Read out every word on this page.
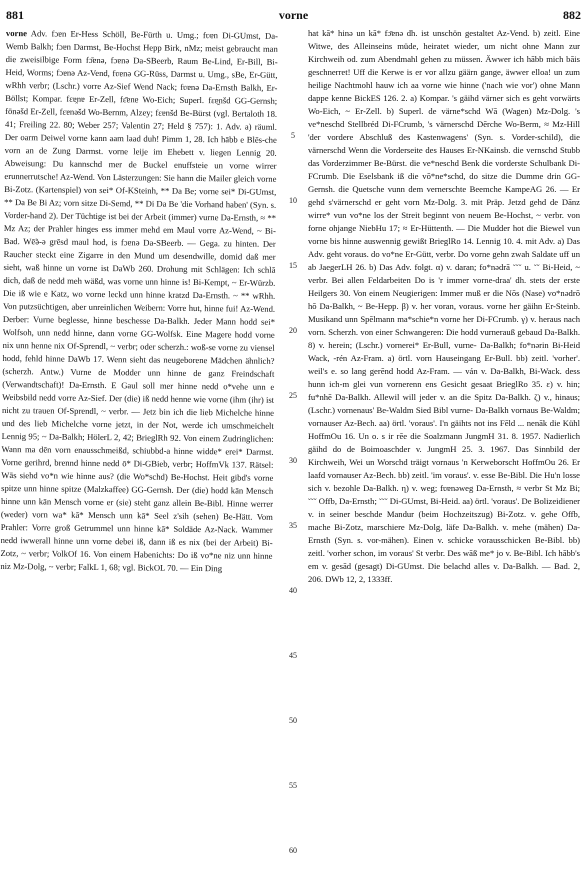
881	vorne	882

vorne Adv. fɔɐn Er-Hess Schöll, Be-Fürth u. Umg.; fʋɐn Di-GUmst, Da-Wemb Balkh; fɔɐn Darmst, Be-Hochst Hepp Birk, nMz; meist gebraucht man die zweisilbige Form fɔ̄ɐnə, fɔɐnə Da-SBeerb, Raum Be-Lind, Er-Bill, Bi-Heid, Worms; fɔɐnə Az-Vend, fʋɐnə GG-Rüss, Darmst u. Umg., sBe, Er-Gütt, wRhh verbr; (Lschr.) vorre Az-Sief Wend Nack; fʋɐnə Da-Ernsth Balkh, Er-Böllst; Kompar. fɛɐ̯nɐ Er-Zell, fɛ̄ɐnɐ Wo-Eich; Superl. fɛɐ̯nšd GG-Gernsh; fōnəšd Er-Zell, fɛɐnəšd Wo-Bernm, Alzey; fɛɐnšd Be-Bürst (vgl. Bertaloth 18. 41; Freiling 22. 80; Weber 257; Valentin 27; Held § 757): 1. Adv. a) räuml. Der oarm Deiwel vorne kann aam laad duh! Pimm 1, 28. Ich hābb e Blēs-che vorn an de Zung Darmst. vorne leije im Ehebett v. liegen Lennig 20. Abweisung: Du kannschd mer de Buckel enuffsteie un vorne wirrer erunnerrutsche! Az-Wend. Von Lästerzungen: Sie hann die Mailer gleich vorne Bi-Zotz. (Kartenspiel) von sei* Of-KSteinh, ** Da Be; vorne sei* Di-GUmst, ** Da Be Bi Az; vorn sitze Di-Semd, ** Di Da Be 'die Vorhand haben' (Syn. s. Vorder-hand 2). Der Tüchtige ist bei der Arbeit (immer) vurne Da-Ernsth, ≈ ** Mz Az; der Prahler hinges ess immer mehd em Maul vorre Az-Wend, ~ Bi-Bad. Wē̃ə-ə grēsd maul hod, is fɔɐnə Da-SBeerb. — Gega. zu hinten. Der Raucher steckt eine Zigarre in den Mund um desendwille, domid daß mer sieht, waß hinne un vorne ist DaWb 260. Drohung mit Schlägen: Ich schlā dich, daß de nedd meh wäßd, was vorne unn hinne is! Bi-Kempt, ~ Er-Würzb. Die iß wie e Katz, wo vorne leckd unn hinne kratzd Da-Ernsth. ~ ** wRhh. Von putzsüchtigen, aber unreinlichen Weibern: Vorre hut, hinne fui! Az-Wend. Derber: Vurne beglesse, hinne beschesse Da-Balkh. Jeder Mann hodd sei* Wolfsoh, unn nedd hinne, dann vorne GG-Wolfsk. Eine Magere hodd vorne nix unn henne nix Of-Sprendl, ~ verbr; oder scherzh.: woß-se vorne zu viensel hodd, fehld hinne DaWb 17. Wenn sieht das neugeborene Mädchen ähnlich? (scherzh. Antw.) Vurne de Modder unn hinne de ganz Freindschaft (Verwandtschaft)! Da-Ernsth. E Gaul soll mer hinne nedd o*vehe unn e Weibsbild nedd vorre Az-Sief. Der (die) iß nedd henne wie vorne (ihm (ihr) ist nicht zu trauen Of-Sprendl, ~ verbr. — Jetz bin ich die lieb Michelche hinne und des lieb Michelche vorne jetzt, in der Not, werde ich umschmeichelt Lennig 95; ~ Da-Balkh; HölerL 2, 42; BrieglRh 92. Von einem Zudringlichen: Wann ma dēn vorn enausschmeißd, schiubbd-a hinne widde* erei* Darmst. Vorne gerihrd, brennd hinne nedd ō* Di-GBieb, verbr; HoffmVk 137. Rätsel: Wās siehd vo*n wie hinne aus? (die Wo*schd) Be-Hochst. Heit gibd's vorne spitze unn hinne spitze (Malzkaffee) GG-Gernsh. Der (die) hodd kān Mensch hinne unn kān Mensch vorne er (sie) steht ganz allein Be-Bibl. Hinne werrer (weder) vorn wa* kā* Mensch unn kā* Seel z'sih (sehen) Be-Hätt. Vom Prahler: Vorre groß Getrummel unn hinne kā* Soldāde Az-Nack. Wammer nedd iwwerall hinne unn vorne debei iß, dann iß es nix (bei der Arbeit) Bi-Zotz, ~ verbr; VolkOf 16. Von einem Habenichts: Do iß vo*ne niz unn hinne niz Mz-Dolg, ~ verbr; FalkL 1, 68; vgl. BickOL 70. — Ein Ding

5
10
15
20
25
30
35
40
45
50
55
60

hat kā* hinə un kā* fɔ̄ɐnə dh. ist unschön gestaltet Az-Vend. b) zeitl. Eine Witwe, des Alleinseins müde, heiratet wieder, um nicht ohne Mann zur Kirchweih od. zum Abendmahl gehen zu müssen. Äwwer ich hābb mich bāis geschnerret! Uff die Kerwe is er vor allzu gäärn gange, äwwer elloa! un zum heilige Nachtmohl hauw ich aa vorne wie hinne ('nach wie vor') ohne Mann dappe kenne BickES 126. 2. a) Kompar. 's gäihd värner sich es geht vorwärts Wo-Eich, ~ Er-Zell. b) Superl. de värne*schd Wā (Wagen) Mz-Dolg. 's ve*neschd Stellbréd Di-FCrumb, 's värnerschd Dērche Wo-Berm, ≈ Mz-Hill 'der vordere Abschluß des Kastenwagens' (Syn. s. Vorder-schild), die värnerschd Wenn die Vorderseite des Hauses Er-NKainsb. die vernschd Stubb das Vorderzimmer Be-Bürst. die ve*neschd Benk die vorderste Schulbank Di-FCrumb. Die Eselsbank iß die vō*ne*schd, do sitze die Dumme drin GG-Gernsh. die Quetsche vunn dem vernerschte Beemche KampeAG 26. — Er gehd s'värnerschd er geht vorn Mz-Dolg. 3. mit Präp. Jetzd gehd de Dānz wirre* vun vo*ne los der Streit beginnt von neuem Be-Hochst, ~ verbr. von forne ohjange NiebHu 17; ≈ Er-Hüttenth. — Die Mudder hot die Biewel vun vorne bis hinne auswennig gewißt BrieglRo 14. Lennig 10. 4. mit Adv. a) Das Adv. geht voraus. do vo*ne Er-Gütt, verbr. Do vorne gehn zwah Saldate uff un ab JaegerLH 26. b) Das Adv. folgt. α) v. daran; fo*nədrā ˘˘˘ u. ˘˘ Bi-Heid, ~ verbr. Bei allen Feldarbeiten Do is 'r immer vorne-draa' dh. stets der erste Heilgers 30. Von einem Neugierigen: Immer muß er die Nōs (Nase) vo*nədrō hō Da-Balkh, ~ Be-Hepp. β) v. her voran, voraus. vorne her gäihn Er-Steinb. Musikand unn Spēlmann ma*schie*n vorne her Di-FCrumb. γ) v. heraus nach vorn. Scherzh. von einer Schwangeren: Die hodd vurnerauß gebaud Da-Balkh. 8) v. herein; (Lschr.) vornerei* Er-Bull, vurne- Da-Balkh; fo*nərin Bi-Heid Wack, -rén Az-Fram. a) örtl. vorn Hauseingang Er-Bull. bb) zeitl. 'vorher'. weil's e. so lang gerēnd hodd Az-Fram. — ván v. Da-Balkh, Bi-Wack. dess hunn ich-m glei vun vornerenn ens Gesicht gesaat BrieglRo 35. ε) v. hin; fu*nhē Da-Balkh. Allewil will jeder v. an die Spitz Da-Balkh. ζ) v., hinaus; (Lschr.) vornenaus' Be-Waldm Sied Bibl vurne- Da-Balkh vornaus Be-Waldm; vornauser Az-Bech. aa) örtl. 'voraus'. I'n gäihts not ins Fēld ... nenāk die Kühl HoffmOu 16. Un o. s ir rēe die Soalzmann JungmH 31. 8. 1957. Nadierlich gäihd do de Boimoaschder v. JungmH 25. 3. 1967. Das Sinnbild der Kirchweih, Wei un Worschd träigt vornaus 'n Kerweborscht HoffmOu 26. Er laafd vornauser Az-Bech. bb) zeitl. 'im voraus'. v. esse Be-Bibl. Die Hu'n losse sich v. bezohle Da-Balkh. η) v. weg; fʋɐnəweg Da-Ernsth, ≈ verbr St Mz Bi; ˘˘˘ Offb, Da-Ernsth; ˘˘˘ Di-GUmst, Bi-Heid. aa) örtl. 'voraus'. De Bolizeidiener v. in seiner beschde Mandur (beim Hochzeitszug) Bi-Zotz. v. gehe Offb, mache Bi-Zotz, marschiere Mz-Dolg, läfe Da-Balkh. v. mehe (mähen) Da-Ernsth (Syn. s. vor-mähen). Einen v. schicke vorausschicken Be-Bibl. bb) zeitl. 'vorher schon, im voraus' St verbr. Des wāß me* jo v. Be-Bibl. Ich hābb's em v. gesād (gesagt) Di-GUmst. Die belachd alles v. Da-Balkh. — Bad. 2, 206. DWb 12, 2, 1333ff.
